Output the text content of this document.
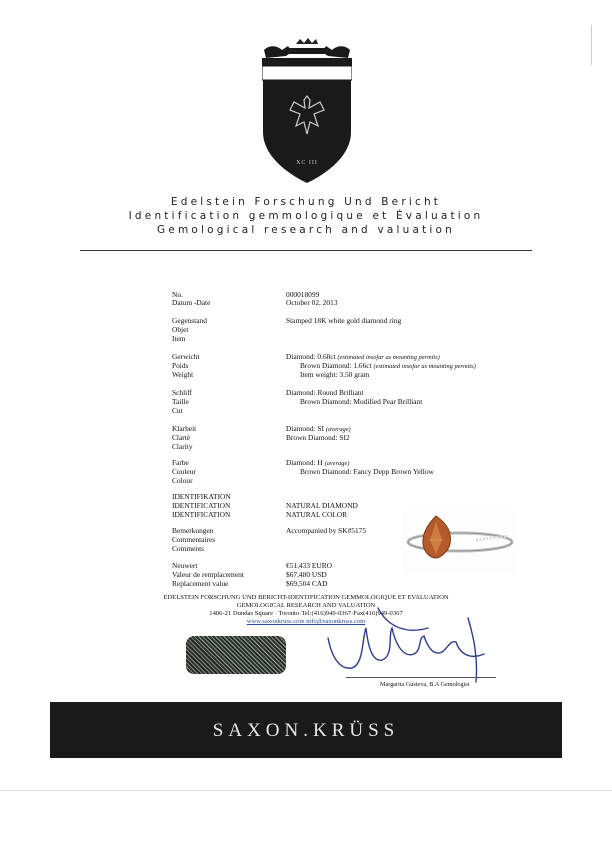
XC III
Edelstein Forschung Und Bericht
Identification gemmologique et Évaluation
Gemological research and valuation
No.
Datum -Date
000018099
October 02, 2013
Gegenstand
Objet
Item
Stamped 18K white gold diamond ring
Gerwicht
Poids
Weight
Diamond: 0.68ct (estimated insofar as mounting permits)
Brown Diamond: 1.66ct (estimated insofar as mounting permits)
Item weight: 3.50 gram
Schliff
Taille
Cut
Diamond: Round Brilliant
Brown Diamond: Modified Pear Brilliant
Klarheit
Clarté
Clarity
Diamond: SI (average)
Brown Diamond: SI2
Farbe
Couleur
Colour
Diamond: H (average)
Brown Diamond: Fancy Depp Brown Yellow
IDENTIFIKATION
IDENTIFICATION
IDENTIFICATION
NATURAL DIAMOND
NATURAL COLOR
Bemerkungen
Commentaires
Comments
Accompanied by SK#5175
Neuwert
Valeur de remplacement
Replacement value
€51,433 EURO
$67,480 USD
$69,504 CAD
EDELSTEIN FORSCHUNG UND BERICHT-IDENTIFICATION GEMMOLOGIQUE ET EVALUATION
GEMOLOGICAL RESEARCH AND VALUATION
1406-21 Dundas Square · Toronto·Tel:(416)949-0367·Fax(416)949-0367
www.saxonkruss.com info@saxonkruss.com
Margarita Gusieva, B.A Gemologist
SAXON.KRÜSS
